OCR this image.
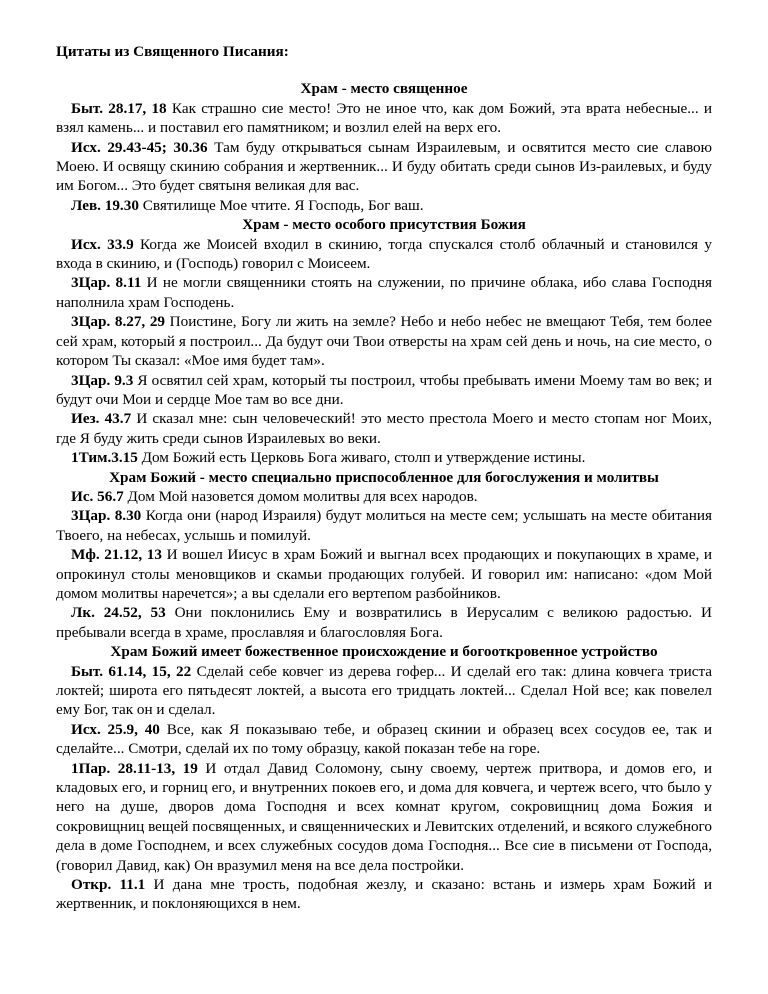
Цитаты из Священного Писания:

Храм - место священное

Быт. 28.17, 18 Как страшно сие место! Это не иное что, как дом Божий, эта врата небесные... и взял камень... и поставил его памятником; и возлил елей на верх его.

Исх. 29.43-45; 30.36 Там буду открываться сынам Израилевым, и освятится место сие славою Моею. И освящу скинию собрания и жертвенник... И буду обитать среди сынов Из-раилевых, и буду им Богом... Это будет святыня великая для вас.

Лев. 19.30 Святилище Мое чтите. Я Господь, Бог ваш.

Храм - место особого присутствия Божия

Исх. 33.9 Когда же Моисей входил в скинию, тогда спускался столб облачный и становился у входа в скинию, и (Господь) говорил с Моисеем.

3Цар. 8.11 И не могли священники стоять на служении, по причине облака, ибо слава Господня наполнила храм Господень.

3Цар. 8.27, 29 Поистине, Богу ли жить на земле? Небо и небо небес не вмещают Тебя, тем более сей храм, который я построил... Да будут очи Твои отверсты на храм сей день и ночь, на сие место, о котором Ты сказал: «Мое имя будет там».

3Цар. 9.3 Я освятил сей храм, который ты построил, чтобы пребывать имени Моему там во век; и будут очи Мои и сердце Мое там во все дни.

Иез. 43.7 И сказал мне: сын человеческий! это место престола Моего и место стопам ног Моих, где Я буду жить среди сынов Израилевых во веки.

1Тим.3.15 Дом Божий есть Церковь Бога живаго, столп и утверждение истины.

Храм Божий - место специально приспособленное для богослужения и молитвы

Ис. 56.7 Дом Мой назовется домом молитвы для всех народов.

3Цар. 8.30 Когда они (народ Израиля) будут молиться на месте сем; услышать на месте обитания Твоего, на небесах, услышь и помилуй.

Мф. 21.12, 13 И вошел Иисус в храм Божий и выгнал всех продающих и покупающих в храме, и опрокинул столы меновщиков и скамьи продающих голубей. И говорил им: написано: «дом Мой домом молитвы наречется»; а вы сделали его вертепом разбойников.

Лк. 24.52, 53 Они поклонились Ему и возвратились в Иерусалим с великою радостью. И пребывали всегда в храме, прославляя и благословляя Бога.

Храм Божий имеет божественное происхождение и богооткровенное устройство

Быт. 61.14, 15, 22 Сделай себе ковчег из дерева гофер... И сделай его так: длина ковчега триста локтей; широта его пятьдесят локтей, а высота его тридцать локтей... Сделал Ной все; как повелел ему Бог, так он и сделал.

Исх. 25.9, 40 Все, как Я показываю тебе, и образец скинии и образец всех сосудов ее, так и сделайте... Смотри, сделай их по тому образцу, какой показан тебе на горе.

1Пар. 28.11-13, 19 И отдал Давид Соломону, сыну своему, чертеж притвора, и домов его, и кладовых его, и горниц его, и внутренних покоев его, и дома для ковчега, и чертеж всего, что было у него на душе, дворов дома Господня и всех комнат кругом, сокровищниц дома Божия и сокровищниц вещей посвященных, и священнических и Левитских отделений, и всякого служебного дела в доме Господнем, и всех служебных сосудов дома Господня... Все сие в письмени от Господа, (говорил Давид, как) Он вразумил меня на все дела постройки.

Откр. 11.1 И дана мне трость, подобная жезлу, и сказано: встань и измерь храм Божий и жертвенник, и поклоняющихся в нем.
